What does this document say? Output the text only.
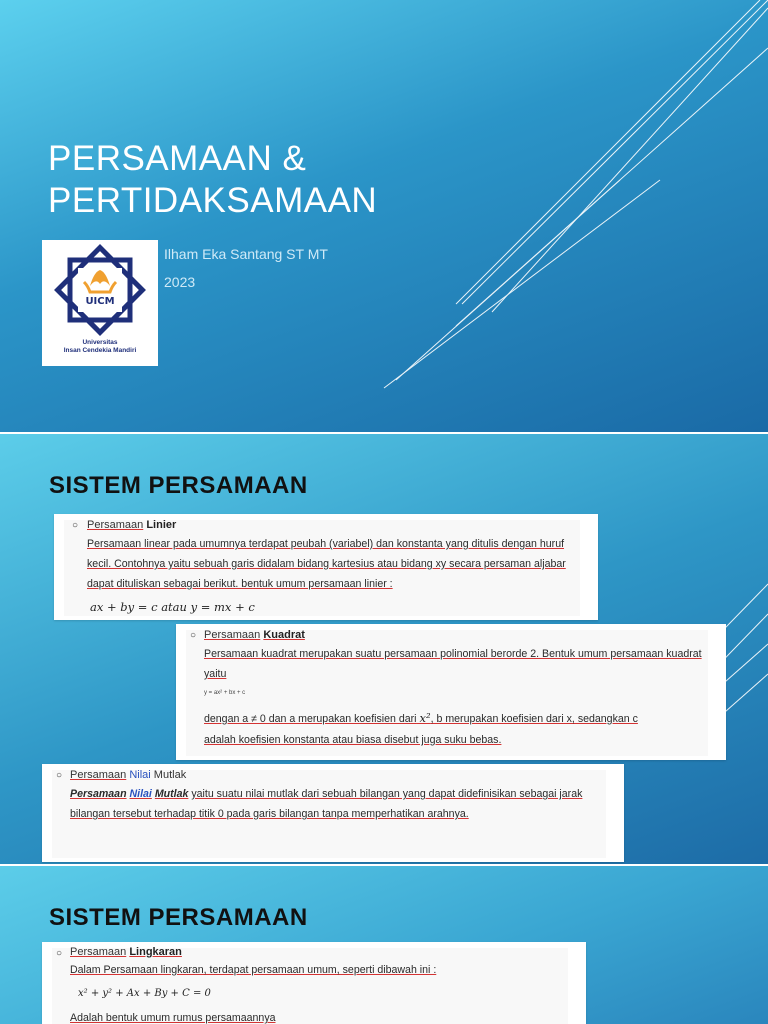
PERSAMAAN &
PERTIDAKSAMAAN
UICM
Universitas
Insan Cendekia Mandiri
Ilham Eka Santang ST MT
2023
SISTEM PERSAMAAN
○ Persamaan Linier
Persamaan linear pada umumnya terdapat peubah (variabel) dan konstanta yang ditulis dengan huruf kecil. Contohnya yaitu sebuah garis didalam bidang kartesius atau bidang xy secara persaman aljabar dapat dituliskan sebagai berikut. bentuk umum persamaan linier :
ax + by = c atau y = mx + c
○ Persamaan Kuadrat
Persamaan kuadrat merupakan suatu persamaan polinomial berorde 2. Bentuk umum persamaan kuadrat yaitu
y = ax² + bx + c
dengan a ≠ 0 dan a merupakan koefisien dari x², b merupakan koefisien dari x, sedangkan c
adalah koefisien konstanta atau biasa disebut juga suku bebas.
○ Persamaan Nilai Mutlak
Persamaan Nilai Mutlak yaitu suatu nilai mutlak dari sebuah bilangan yang dapat didefinisikan sebagai jarak bilangan tersebut terhadap titik 0 pada garis bilangan tanpa memperhatikan arahnya.
SISTEM PERSAMAAN
○ Persamaan Lingkaran
Dalam Persamaan lingkaran, terdapat persamaan umum, seperti dibawah ini :
x² + y² + Ax + By + C = 0
Adalah bentuk umum rumus persamaannya
